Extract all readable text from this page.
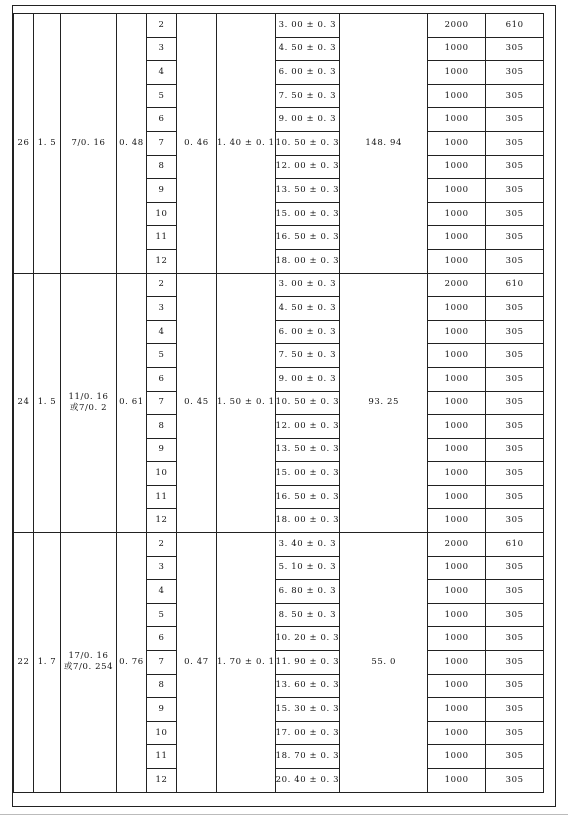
26	1. 5	7/0. 16	0. 48	2	0. 46	1. 40 ± 0. 1	3. 00 ± 0. 3	148. 94	2000	610
				3			4. 50 ± 0. 3		1000	305
				4			6. 00 ± 0. 3		1000	305
				5			7. 50 ± 0. 3		1000	305
				6			9. 00 ± 0. 3		1000	305
				7			10. 50 ± 0. 3		1000	305
				8			12. 00 ± 0. 3		1000	305
				9			13. 50 ± 0. 3		1000	305
				10			15. 00 ± 0. 3		1000	305
				11			16. 50 ± 0. 3		1000	305
				12			18. 00 ± 0. 3		1000	305
24	1. 5	11/0. 16
或7/0. 2	0. 61	2	0. 45	1. 50 ± 0. 1	3. 00 ± 0. 3	93. 25	2000	610
				3			4. 50 ± 0. 3		1000	305
				4			6. 00 ± 0. 3		1000	305
				5			7. 50 ± 0. 3		1000	305
				6			9. 00 ± 0. 3		1000	305
				7			10. 50 ± 0. 3		1000	305
				8			12. 00 ± 0. 3		1000	305
				9			13. 50 ± 0. 3		1000	305
				10			15. 00 ± 0. 3		1000	305
				11			16. 50 ± 0. 3		1000	305
				12			18. 00 ± 0. 3		1000	305
22	1. 7	17/0. 16
或7/0. 254	0. 76	2	0. 47	1. 70 ± 0. 1	3. 40 ± 0. 3	55. 0	2000	610
				3			5. 10 ± 0. 3		1000	305
				4			6. 80 ± 0. 3		1000	305
				5			8. 50 ± 0. 3		1000	305
				6			10. 20 ± 0. 3		1000	305
				7			11. 90 ± 0. 3		1000	305
				8			13. 60 ± 0. 3		1000	305
				9			15. 30 ± 0. 3		1000	305
				10			17. 00 ± 0. 3		1000	305
				11			18. 70 ± 0. 3		1000	305
				12			20. 40 ± 0. 3		1000	305
